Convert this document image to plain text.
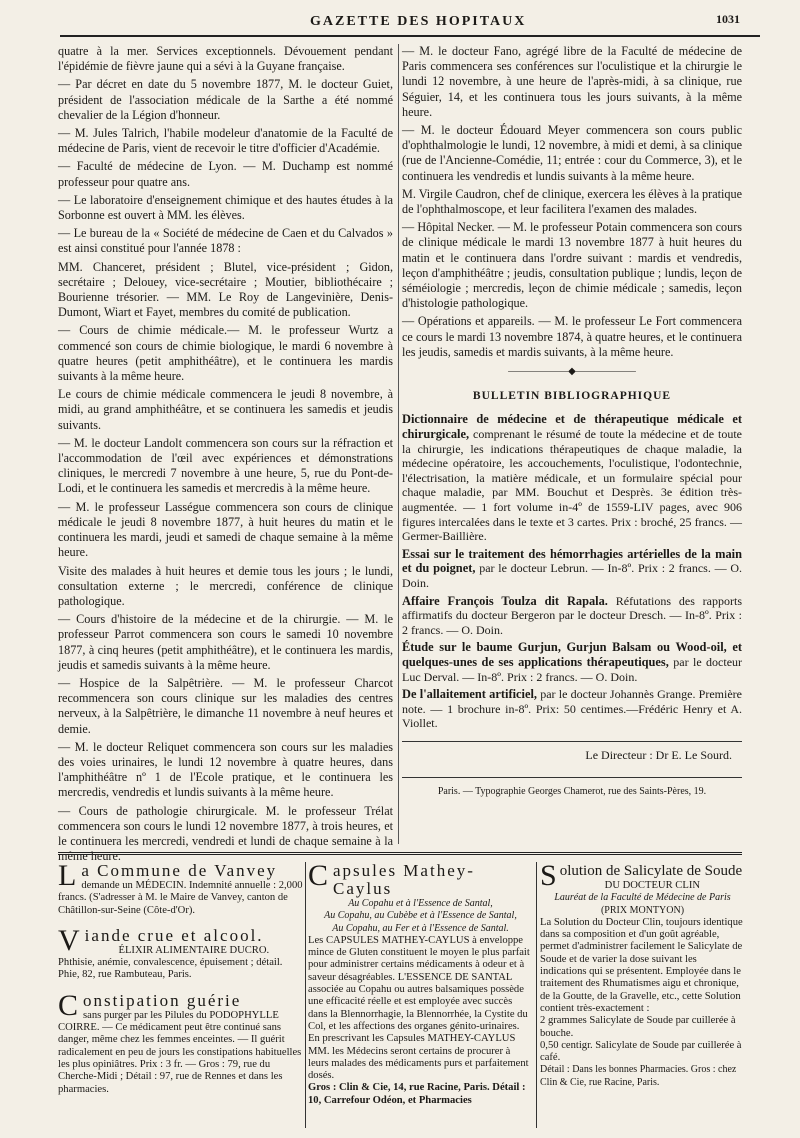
GAZETTE DES HOPITAUX	1031

quatre à la mer. Services exceptionnels. Dévouement pendant l'épidémie de fièvre jaune qui a sévi à la Guyane française.

— Par décret en date du 5 novembre 1877, M. le docteur Guiet, président de l'association médicale de la Sarthe a été nommé chevalier de la Légion d'honneur.

— M. Jules Talrich, l'habile modeleur d'anatomie de la Faculté de médecine de Paris, vient de recevoir le titre d'officier d'Académie.

— Faculté de médecine de Lyon. — M. Duchamp est nommé professeur pour quatre ans.

— Le laboratoire d'enseignement chimique et des hautes études à la Sorbonne est ouvert à MM. les élèves.

— Le bureau de la « Société de médecine de Caen et du Calvados » est ainsi constitué pour l'année 1878 :

MM. Chanceret, président ; Blutel, vice-président ; Gidon, secrétaire ; Delouey, vice-secrétaire ; Moutier, bibliothécaire ; Bourienne trésorier. — MM. Le Roy de Langevinière, Denis-Dumont, Wiart et Fayet, membres du comité de publication.

— Cours de chimie médicale.— M. le professeur Wurtz a commencé son cours de chimie biologique, le mardi 6 novembre à quatre heures (petit amphithéâtre), et le continuera les mardis suivants à la même heure.

Le cours de chimie médicale commencera le jeudi 8 novembre, à midi, au grand amphithéâtre, et se continuera les samedis et jeudis suivants.

— M. le docteur Landolt commencera son cours sur la réfraction et l'accommodation de l'œil avec expériences et démonstrations cliniques, le mercredi 7 novembre à une heure, 5, rue du Pont-de-Lodi, et le continuera les samedis et mercredis à la même heure.

— M. le professeur Lasségue commencera son cours de clinique médicale le jeudi 8 novembre 1877, à huit heures du matin et le continuera les mardi, jeudi et samedi de chaque semaine à la même heure.

Visite des malades à huit heures et demie tous les jours ; le lundi, consultation externe ; le mercredi, conférence de clinique pathologique.

— Cours d'histoire de la médecine et de la chirurgie. — M. le professeur Parrot commencera son cours le samedi 10 novembre 1877, à cinq heures (petit amphithéâtre), et le continuera les mardis, jeudis et samedis suivants à la même heure.

— Hospice de la Salpêtrière. — M. le professeur Charcot recommencera son cours clinique sur les maladies des centres nerveux, à la Salpêtrière, le dimanche 11 novembre à neuf heures et demie.

— M. le docteur Reliquet commencera son cours sur les maladies des voies urinaires, le lundi 12 novembre à quatre heures, dans l'amphithéâtre nº 1 de l'Ecole pratique, et le continuera les mercredis, vendredis et lundis suivants à la même heure.

— Cours de pathologie chirurgicale. M. le professeur Trélat commencera son cours le lundi 12 novembre 1877, à trois heures, et le continuera les mercredi, vendredi et lundi de chaque semaine à la même heure.

— M. le docteur Fano, agrégé libre de la Faculté de médecine de Paris commencera ses conférences sur l'oculistique et la chirurgie le lundi 12 novembre, à une heure de l'après-midi, à sa clinique, rue Séguier, 14, et les continuera tous les jours suivants, à la même heure.

— M. le docteur Édouard Meyer commencera son cours public d'ophthalmologie le lundi, 12 novembre, à midi et demi, à sa clinique (rue de l'Ancienne-Comédie, 11; entrée : cour du Commerce, 3), et le continuera les vendredis et lundis suivants à la même heure.

M. Virgile Caudron, chef de clinique, exercera les élèves à la pratique de l'ophthalmoscope, et leur facilitera l'examen des malades.

— Hôpital Necker. — M. le professeur Potain commencera son cours de clinique médicale le mardi 13 novembre 1877 à huit heures du matin et le continuera dans l'ordre suivant : mardis et vendredis, leçon d'amphithéâtre ; jeudis, consultation publique ; lundis, leçon de séméiologie ; mercredis, leçon de chimie médicale ; samedis, leçon d'histologie pathologique.

— Opérations et appareils. — M. le professeur Le Fort commencera ce cours le mardi 13 novembre 1874, à quatre heures, et le continuera les jeudis, samedis et mardis suivants, à la même heure.

——————◆——————
BULLETIN BIBLIOGRAPHIQUE

Dictionnaire de médecine et de thérapeutique médicale et chirurgicale, comprenant le résumé de toute la médecine et de toute la chirurgie, les indications thérapeutiques de chaque maladie, la médecine opératoire, les accouchements, l'oculistique, l'odontechnie, l'électrisation, la matière médicale, et un formulaire spécial pour chaque maladie, par MM. Bouchut et Desprès. 3e édition très-augmentée. — 1 fort volume in-4º de 1559-LIV pages, avec 906 figures intercalées dans le texte et 3 cartes. Prix : broché, 25 francs. — Germer-Baillière.

Essai sur le traitement des hémorrhagies artérielles de la main et du poignet, par le docteur Lebrun. — In-8º. Prix : 2 francs. — O. Doin.

Affaire François Toulza dit Rapala. Réfutations des rapports affirmatifs du docteur Bergeron par le docteur Dresch. — In-8º. Prix : 2 francs. — O. Doin.

Étude sur le baume Gurjun, Gurjun Balsam ou Wood-oil, et quelques-unes de ses applications thérapeutiques, par le docteur Luc Derval. — In-8º. Prix : 2 francs. — O. Doin.

De l'allaitement artificiel, par le docteur Johannès Grange. Première note. — 1 brochure in-8º. Prix: 50 centimes.—Frédéric Henry et A. Viollet.

Le Directeur : Dr E. Le Sourd.
Paris. — Typographie Georges Chamerot, rue des Saints-Pères, 19.
La Commune de Vanvey
demande un MÉDECIN. Indemnité annuelle : 2,000 francs. (S'adresser à M. le Maire de Vanvey, canton de Châtillon-sur-Seine (Côte-d'Or).
Viande crue et alcool.
ÉLIXIR ALIMENTAIRE DUCRO.
Phthisie, anémie, convalescence, épuisement ; détail. Phie, 82, rue Rambuteau, Paris.
Constipation guérie
sans purger par les Pilules du PODOPHYLLE COIRRE. — Ce médicament peut être continué sans danger, même chez les femmes enceintes. — Il guérit radicalement en peu de jours les constipations habituelles les plus opiniâtres. Prix : 3 fr. — Gros : 79, rue du Cherche-Midi ; Détail : 97, rue de Rennes et dans les pharmacies.
Capsules Mathey-Caylus
Au Copahu et à l'Essence de Santal,
Au Copahu, au Cubèbe et à l'Essence de Santal,
Au Copahu, au Fer et à l'Essence de Santal.
Les CAPSULES MATHEY-CAYLUS à enveloppe mince de Gluten constituent le moyen le plus parfait pour administrer certains médicaments à odeur et à saveur désagréables. L'ESSENCE DE SANTAL associée au Copahu ou autres balsamiques possède une efficacité réelle et est employée avec succès dans la Blennorrhagie, la Blennorrhée, la Cystite du Col, et les affections des organes génito-urinaires. En prescrivant les Capsules MATHEY-CAYLUS MM. les Médecins seront certains de procurer à leurs malades des médicaments purs et parfaitement dosés.
Gros : Clin & Cie, 14, rue Racine, Paris. Détail : 10, Carrefour Odéon, et Pharmacies
Solution de Salicylate de Soude
DU DOCTEUR CLIN
Lauréat de la Faculté de Médecine de Paris
(PRIX MONTYON)
La Solution du Docteur Clin, toujours identique dans sa composition et d'un goût agréable, permet d'administrer facilement le Salicylate de Soude et de varier la dose suivant les indications qui se présentent. Employée dans le traitement des Rhumatismes aigu et chronique, de la Goutte, de la Gravelle, etc., cette Solution contient très-exactement :
2 grammes Salicylate de Soude par cuillerée à bouche.
0,50 centigr. Salicylate de Soude par cuillerée à café.
Détail : Dans les bonnes Pharmacies. Gros : chez Clin & Cie, rue Racine, Paris.
